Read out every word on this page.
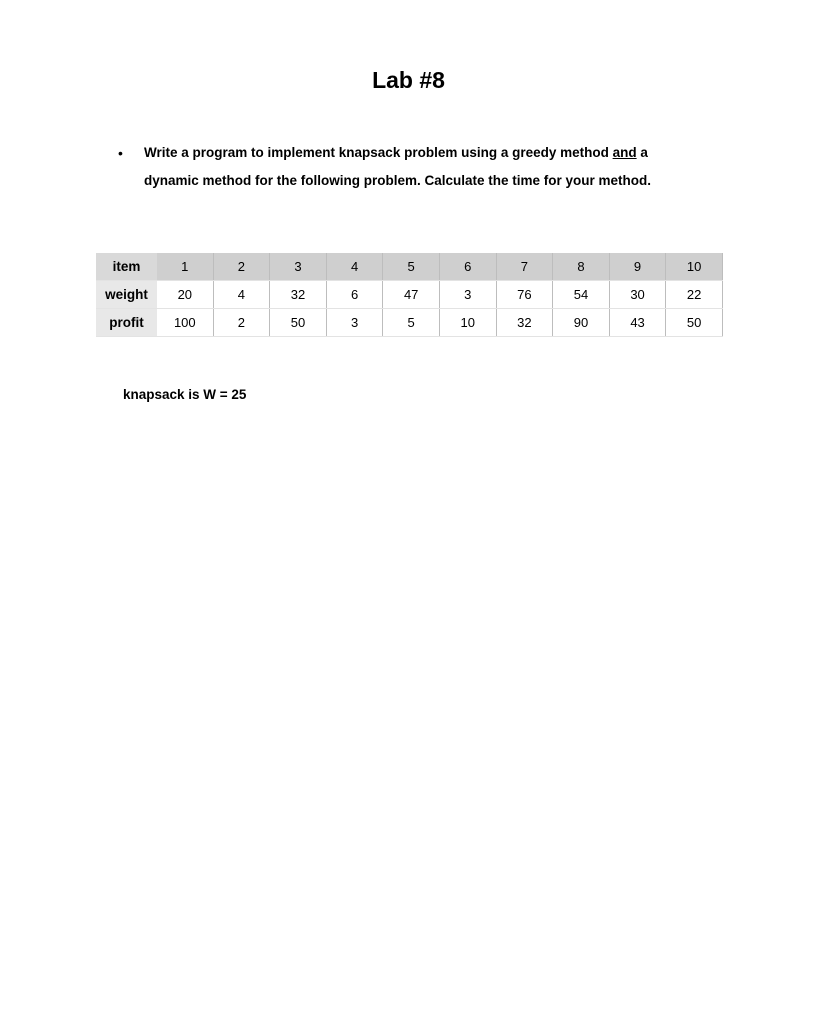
Lab #8
• Write a program to implement knapsack problem using a greedy method and a dynamic method for the following problem. Calculate the time for your method.
item	1	2	3	4	5	6	7	8	9	10
weight	20	4	32	6	47	3	76	54	30	22
profit	100	2	50	3	5	10	32	90	43	50
knapsack is W = 25
